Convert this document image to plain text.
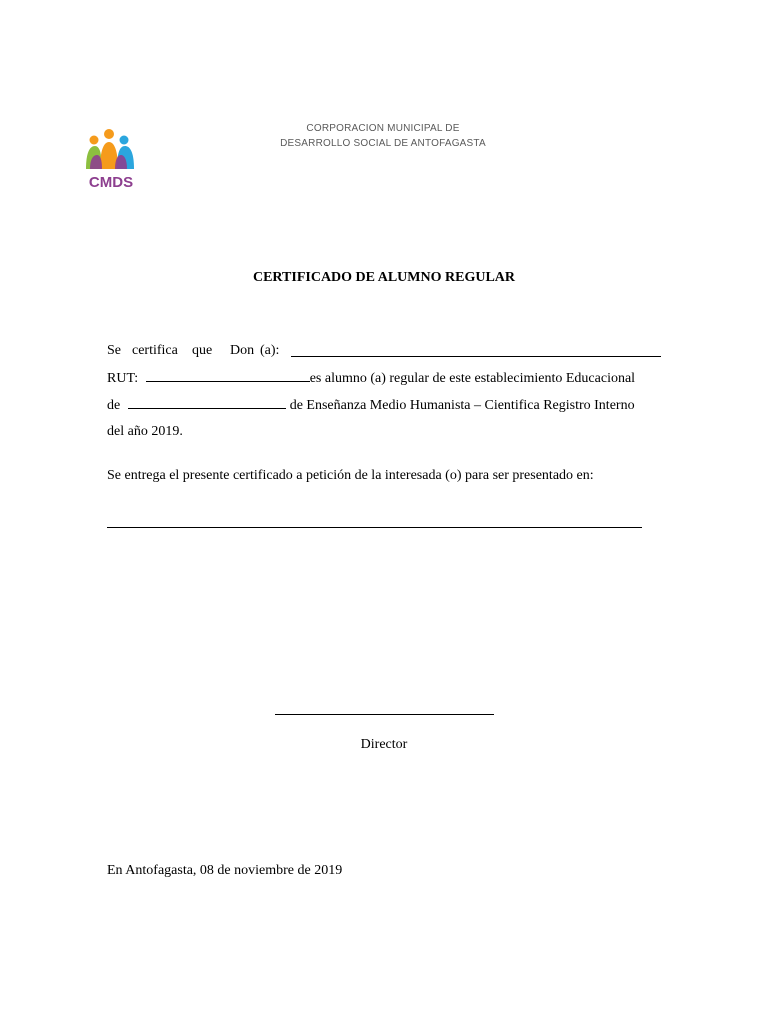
CMDS
CORPORACION MUNICIPAL DE
DESARROLLO SOCIAL DE ANTOFAGASTA
CERTIFICADO DE ALUMNO REGULAR
Se certifica que Don (a):
RUT:	es alumno (a) regular de este establecimiento Educacional
de	de Enseñanza Medio Humanista – Cientifica Registro Interno
del año 2019.
Se entrega el presente certificado a petición de la interesada (o) para ser presentado en:
Director
En Antofagasta, 08 de noviembre de 2019
